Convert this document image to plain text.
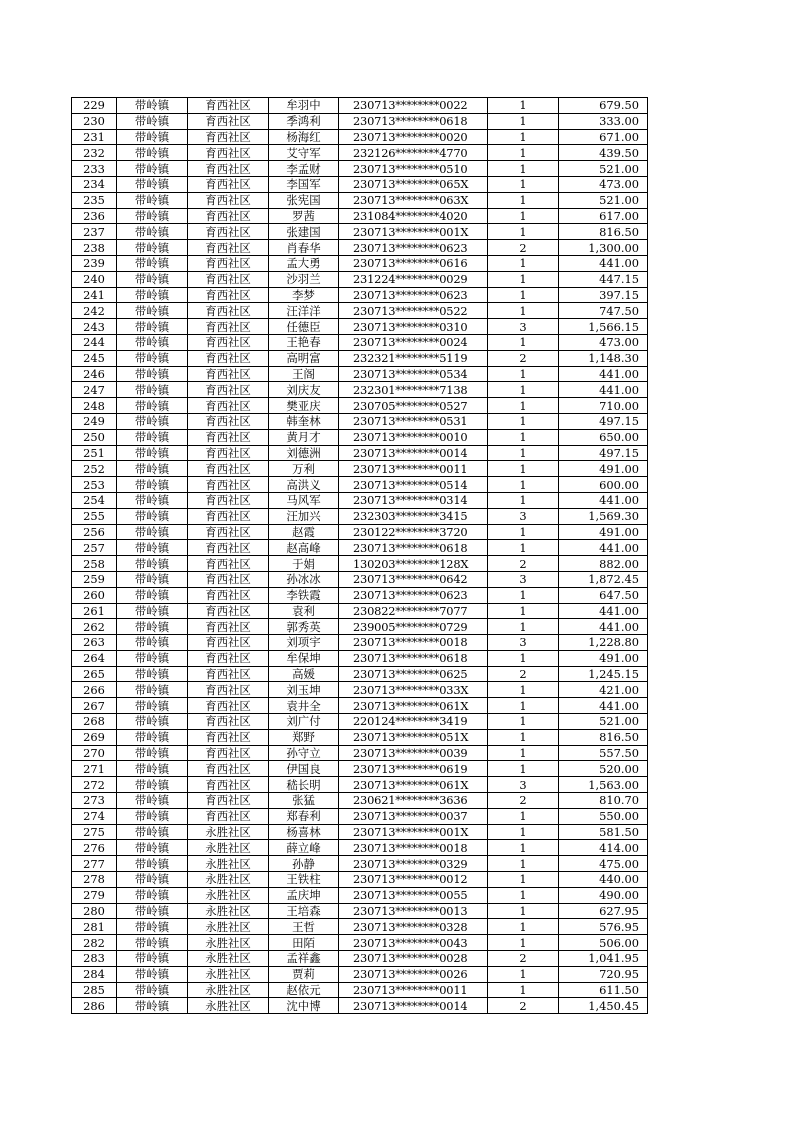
229	带岭镇	育西社区	牟羽中	230713********0022	1	679.50
230	带岭镇	育西社区	季鸿利	230713********0618	1	333.00
231	带岭镇	育西社区	杨海红	230713********0020	1	671.00
232	带岭镇	育西社区	艾守军	232126********4770	1	439.50
233	带岭镇	育西社区	李孟财	230713********0510	1	521.00
234	带岭镇	育西社区	李国军	230713********065X	1	473.00
235	带岭镇	育西社区	张宪国	230713********063X	1	521.00
236	带岭镇	育西社区	罗茜	231084********4020	1	617.00
237	带岭镇	育西社区	张建国	230713********001X	1	816.50
238	带岭镇	育西社区	肖春华	230713********0623	2	1,300.00
239	带岭镇	育西社区	孟大勇	230713********0616	1	441.00
240	带岭镇	育西社区	沙羽兰	231224********0029	1	447.15
241	带岭镇	育西社区	李梦	230713********0623	1	397.15
242	带岭镇	育西社区	汪洋洋	230713********0522	1	747.50
243	带岭镇	育西社区	任德臣	230713********0310	3	1,566.15
244	带岭镇	育西社区	王艳春	230713********0024	1	473.00
245	带岭镇	育西社区	高明富	232321********5119	2	1,148.30
246	带岭镇	育西社区	王阁	230713********0534	1	441.00
247	带岭镇	育西社区	刘庆友	232301********7138	1	441.00
248	带岭镇	育西社区	樊亚庆	230705********0527	1	710.00
249	带岭镇	育西社区	韩奎林	230713********0531	1	497.15
250	带岭镇	育西社区	黄月才	230713********0010	1	650.00
251	带岭镇	育西社区	刘德洲	230713********0014	1	497.15
252	带岭镇	育西社区	万利	230713********0011	1	491.00
253	带岭镇	育西社区	高洪义	230713********0514	1	600.00
254	带岭镇	育西社区	马风军	230713********0314	1	441.00
255	带岭镇	育西社区	汪加兴	232303********3415	3	1,569.30
256	带岭镇	育西社区	赵霞	230122********3720	1	491.00
257	带岭镇	育西社区	赵高峰	230713********0618	1	441.00
258	带岭镇	育西社区	于娟	130203********128X	2	882.00
259	带岭镇	育西社区	孙冰冰	230713********0642	3	1,872.45
260	带岭镇	育西社区	李铁霞	230713********0623	1	647.50
261	带岭镇	育西社区	袁利	230822********7077	1	441.00
262	带岭镇	育西社区	郭秀英	239005********0729	1	441.00
263	带岭镇	育西社区	刘项宇	230713********0018	3	1,228.80
264	带岭镇	育西社区	牟保坤	230713********0618	1	491.00
265	带岭镇	育西社区	高媛	230713********0625	2	1,245.15
266	带岭镇	育西社区	刘玉坤	230713********033X	1	421.00
267	带岭镇	育西社区	袁井全	230713********061X	1	441.00
268	带岭镇	育西社区	刘广付	220124********3419	1	521.00
269	带岭镇	育西社区	郑野	230713********051X	1	816.50
270	带岭镇	育西社区	孙守立	230713********0039	1	557.50
271	带岭镇	育西社区	伊国良	230713********0619	1	520.00
272	带岭镇	育西社区	嵇长明	230713********061X	3	1,563.00
273	带岭镇	育西社区	张猛	230621********3636	2	810.70
274	带岭镇	育西社区	郑春利	230713********0037	1	550.00
275	带岭镇	永胜社区	杨喜林	230713********001X	1	581.50
276	带岭镇	永胜社区	薛立峰	230713********0018	1	414.00
277	带岭镇	永胜社区	孙静	230713********0329	1	475.00
278	带岭镇	永胜社区	王铁柱	230713********0012	1	440.00
279	带岭镇	永胜社区	孟庆坤	230713********0055	1	490.00
280	带岭镇	永胜社区	王培森	230713********0013	1	627.95
281	带岭镇	永胜社区	王哲	230713********0328	1	576.95
282	带岭镇	永胜社区	田陌	230713********0043	1	506.00
283	带岭镇	永胜社区	孟祥鑫	230713********0028	2	1,041.95
284	带岭镇	永胜社区	贾莉	230713********0026	1	720.95
285	带岭镇	永胜社区	赵依元	230713********0011	1	611.50
286	带岭镇	永胜社区	沈中博	230713********0014	2	1,450.45
